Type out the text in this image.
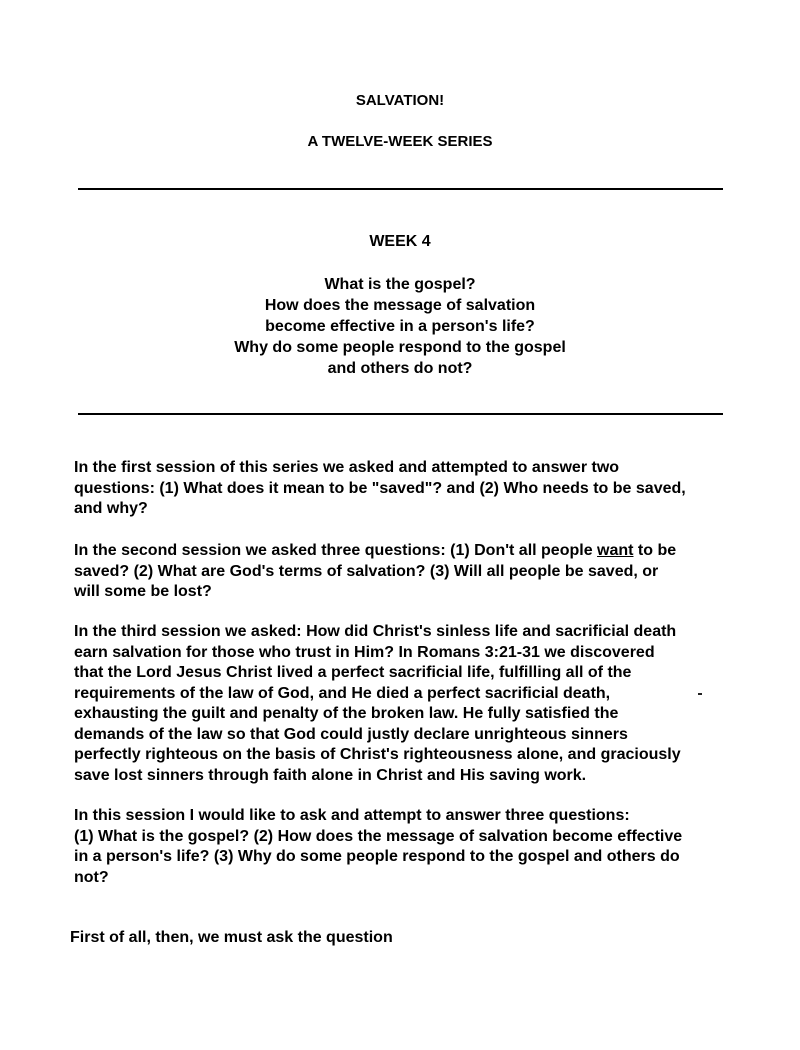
SALVATION!
A TWELVE-WEEK SERIES
WEEK 4
What is the gospel?
How does the message of salvation
become effective in a person's life?
Why do some people respond to the gospel
and others do not?
In the first session of this series we asked and attempted to answer two
questions: (1) What does it mean to be "saved"? and (2) Who needs to be saved,
and why?
In the second session we asked three questions: (1) Don't all people want to be
saved? (2) What are God's terms of salvation? (3) Will all people be saved, or
will some be lost?
In the third session we asked: How did Christ's sinless life and sacrificial death
earn salvation for those who trust in Him? In Romans 3:21-31 we discovered
that the Lord Jesus Christ lived a perfect sacrificial life, fulfilling all of the
requirements of the law of God, and He died a perfect sacrificial death,
exhausting the guilt and penalty of the broken law. He fully satisfied the
demands of the law so that God could justly declare unrighteous sinners
perfectly righteous on the basis of Christ's righteousness alone, and graciously
save lost sinners through faith alone in Christ and His saving work.
In this session I would like to ask and attempt to answer three questions:
(1) What is the gospel? (2) How does the message of salvation become effective
in a person's life? (3) Why do some people respond to the gospel and others do
not?
First of all, then, we must ask the question
